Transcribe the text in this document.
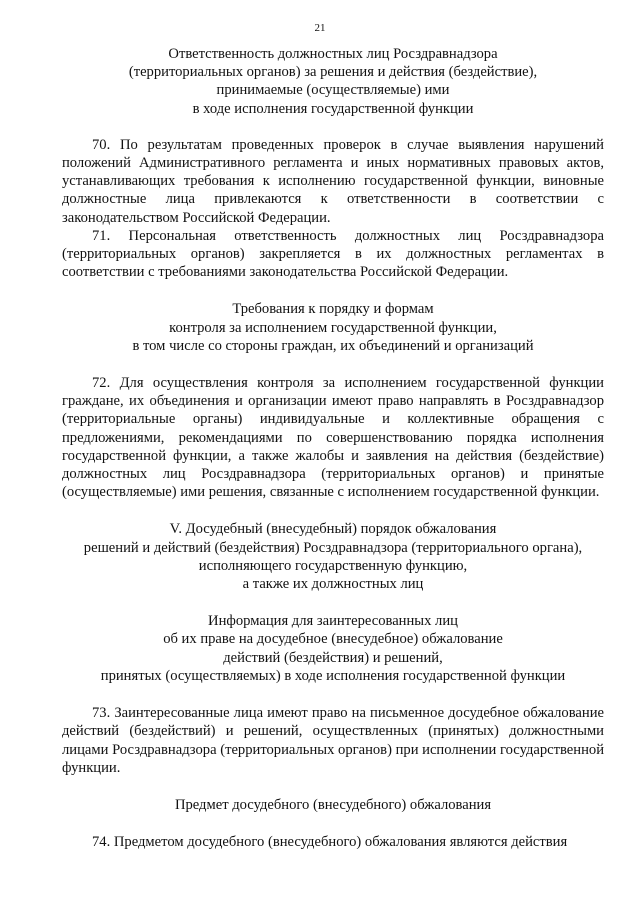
21
Ответственность должностных лиц Росздравнадзора
(территориальных органов) за решения и действия (бездействие),
принимаемые (осуществляемые) ими
в ходе исполнения государственной функции

70. По результатам проведенных проверок в случае выявления нарушений положений Административного регламента и иных нормативных правовых актов, устанавливающих требования к исполнению государственной функции, виновные должностные лица привлекаются к ответственности в соответствии с законодательством Российской Федерации.

71. Персональная ответственность должностных лиц Росздравнадзора (территориальных органов) закрепляется в их должностных регламентах в соответствии с требованиями законодательства Российской Федерации.

Требования к порядку и формам
контроля за исполнением государственной функции,
в том числе со стороны граждан, их объединений и организаций

72. Для осуществления контроля за исполнением государственной функции граждане, их объединения и организации имеют право направлять в Росздравнадзор (территориальные органы) индивидуальные и коллективные обращения с предложениями, рекомендациями по совершенствованию порядка исполнения государственной функции, а также жалобы и заявления на действия (бездействие) должностных лиц Росздравнадзора (территориальных органов) и принятые (осуществляемые) ими решения, связанные с исполнением государственной функции.

V. Досудебный (внесудебный) порядок обжалования
решений и действий (бездействия) Росздравнадзора (территориального органа),
исполняющего государственную функцию,
а также их должностных лиц
Информация для заинтересованных лиц
об их праве на досудебное (внесудебное) обжалование
действий (бездействия) и решений,
принятых (осуществляемых) в ходе исполнения государственной функции

73. Заинтересованные лица имеют право на письменное досудебное обжалование действий (бездействий) и решений, осуществленных (принятых) должностными лицами Росздравнадзора (территориальных органов) при исполнении государственной функции.

Предмет досудебного (внесудебного) обжалования

74. Предметом досудебного (внесудебного) обжалования являются действия
